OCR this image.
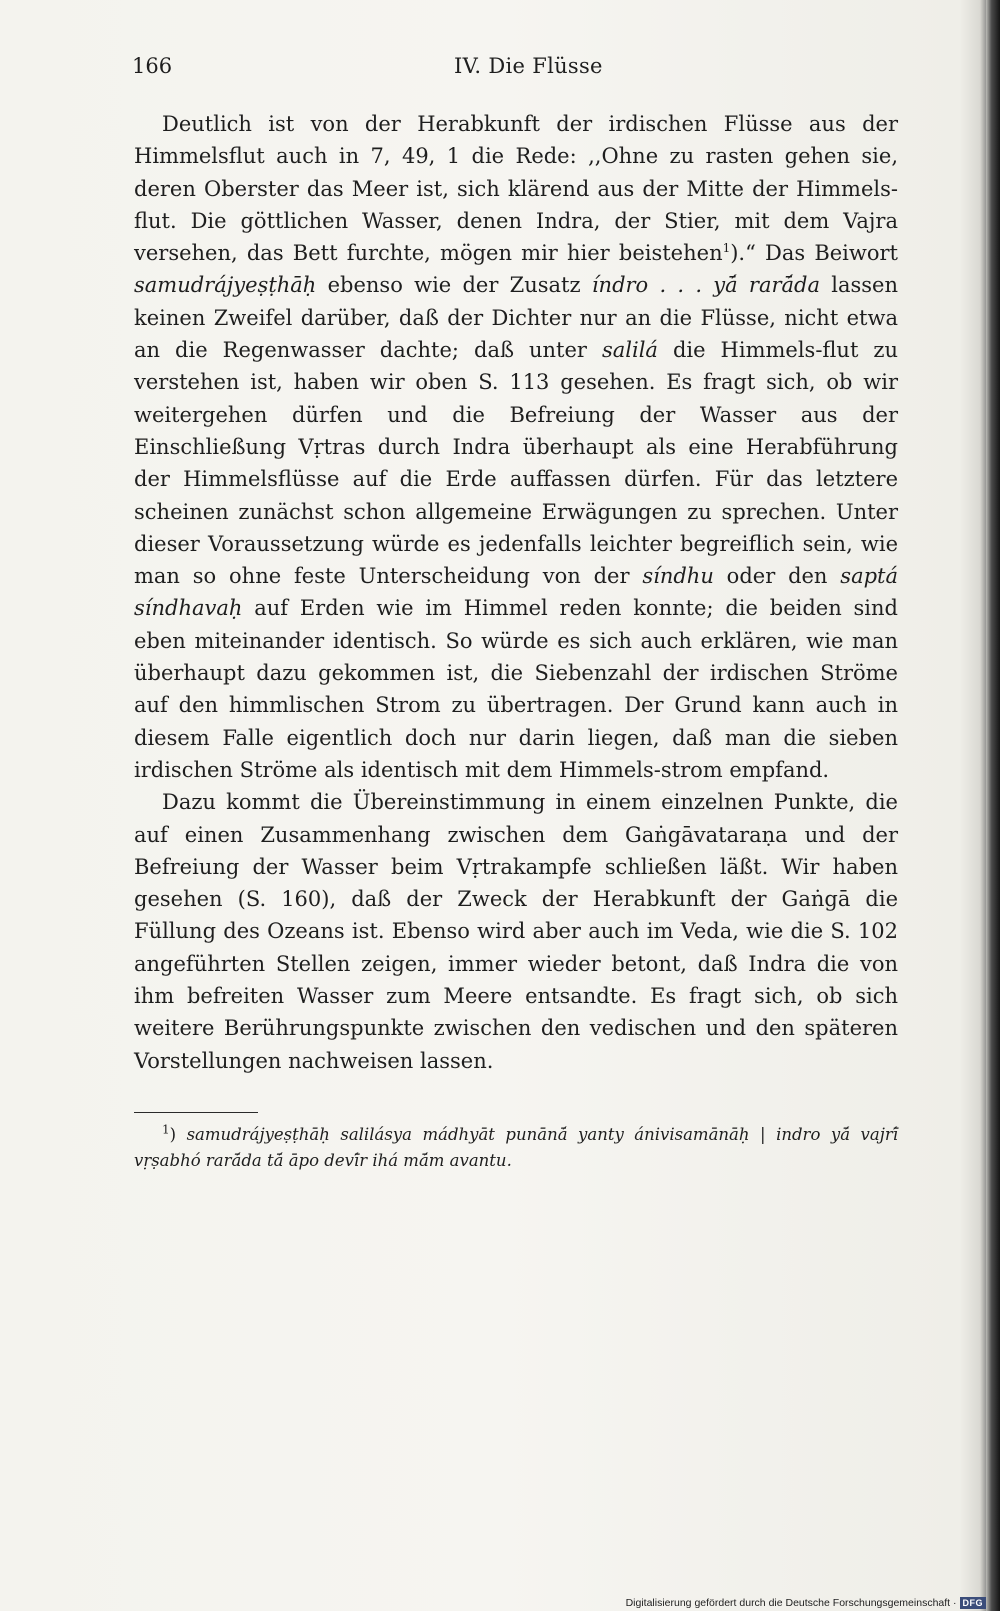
166	IV. Die Flüsse

Deutlich ist von der Herabkunft der irdischen Flüsse aus der Himmelsflut auch in 7, 49, 1 die Rede: ,,Ohne zu rasten gehen sie, deren Oberster das Meer ist, sich klärend aus der Mitte der Himmels-flut. Die göttlichen Wasser, denen Indra, der Stier, mit dem Vajra versehen, das Bett furchte, mögen mir hier beistehen$^1$).“ Das Beiwort samudrájyeṣṭhāḥ ebenso wie der Zusatz índro . . . yā́ rarā́da lassen keinen Zweifel darüber, daß der Dichter nur an die Flüsse, nicht etwa an die Regenwasser dachte; daß unter salilá die Himmels-flut zu verstehen ist, haben wir oben S. 113 gesehen. Es fragt sich, ob wir weitergehen dürfen und die Befreiung der Wasser aus der Einschließung Vṛtras durch Indra überhaupt als eine Herabführung der Himmelsflüsse auf die Erde auffassen dürfen. Für das letztere scheinen zunächst schon allgemeine Erwägungen zu sprechen. Unter dieser Voraussetzung würde es jedenfalls leichter begreiflich sein, wie man so ohne feste Unterscheidung von der síndhu oder den saptá síndhavaḥ auf Erden wie im Himmel reden konnte; die beiden sind eben miteinander identisch. So würde es sich auch erklären, wie man überhaupt dazu gekommen ist, die Siebenzahl der irdischen Ströme auf den himmlischen Strom zu übertragen. Der Grund kann auch in diesem Falle eigentlich doch nur darin liegen, daß man die sieben irdischen Ströme als identisch mit dem Himmels-strom empfand.

Dazu kommt die Übereinstimmung in einem einzelnen Punkte, die auf einen Zusammenhang zwischen dem Gaṅgāvataraṇa und der Befreiung der Wasser beim Vṛtrakampfe schließen läßt. Wir haben gesehen (S. 160), daß der Zweck der Herabkunft der Gaṅgā die Füllung des Ozeans ist. Ebenso wird aber auch im Veda, wie die S. 102 angeführten Stellen zeigen, immer wieder betont, daß Indra die von ihm befreiten Wasser zum Meere entsandte. Es fragt sich, ob sich weitere Berührungspunkte zwischen den vedischen und den späteren Vorstellungen nachweisen lassen.

$^1$) samudrájyeṣṭhāḥ salilásya mádhyāt punānā́ yanty ánivisamānāḥ | indro yā́ vajrī́ vṛṣabhó rarā́da tā́ āpo devī́r ihá mā́m avantu.
Digitalisierung gefördert durch die Deutsche Forschungsgemeinschaft · DFG
